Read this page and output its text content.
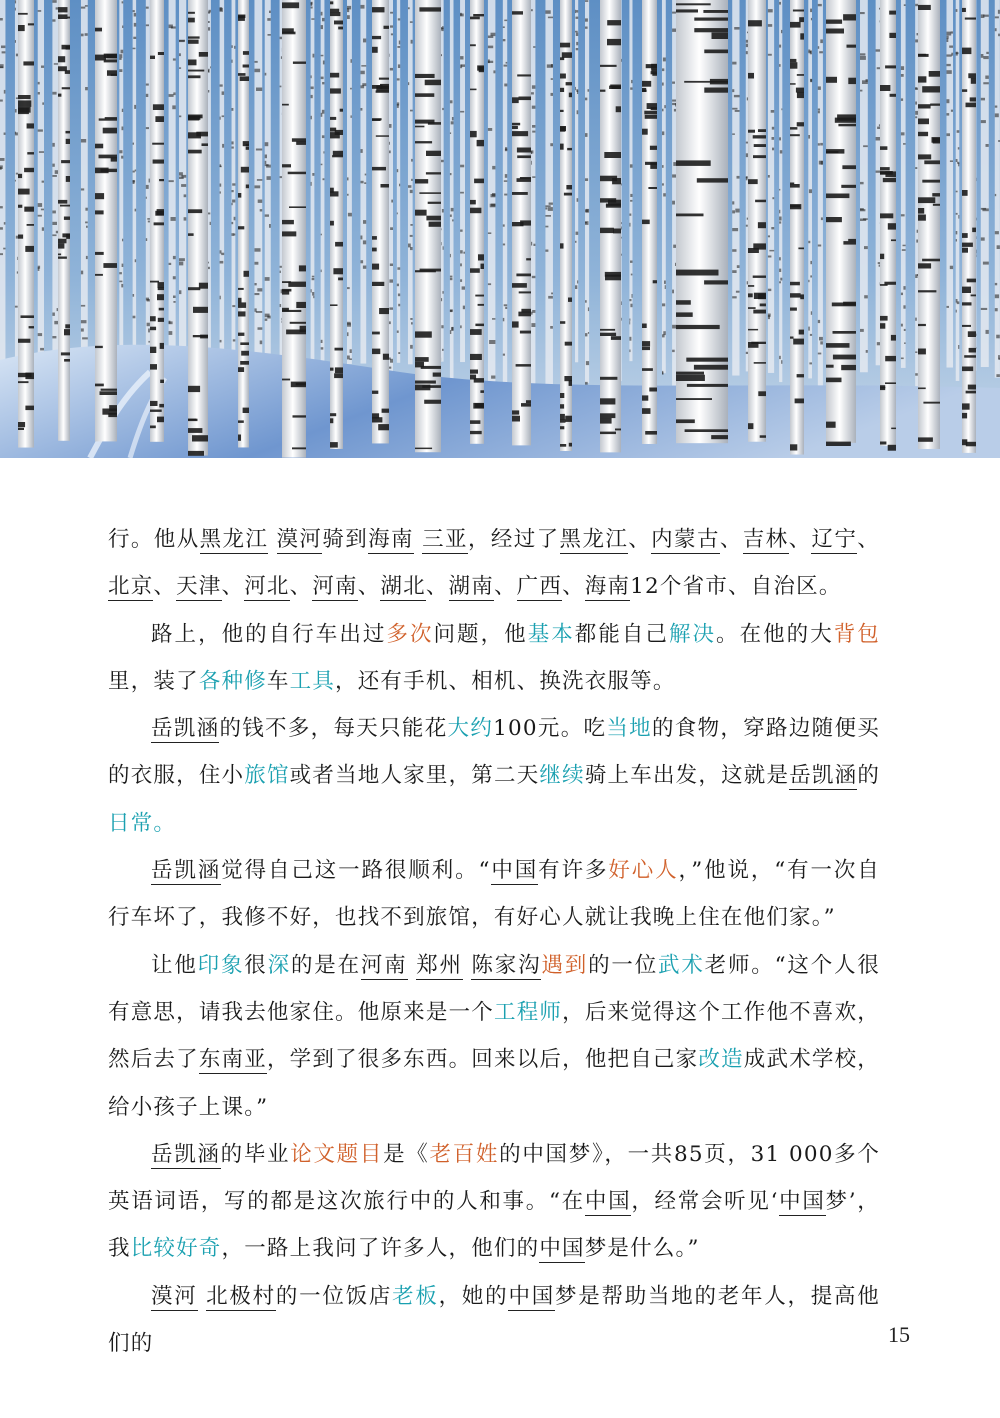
行。他从黑龙江 漠河骑到海南 三亚，经过了黑龙江、内蒙古、吉林、辽宁、北京、天津、河北、河南、湖北、湖南、广西、海南12个省市、自治区。

路上，他的自行车出过多次问题，他基本都能自己解决。在他的大背包里，装了各种修车工具，还有手机、相机、换洗衣服等。

岳凯涵的钱不多，每天只能花大约100元。吃当地的食物，穿路边随便买的衣服，住小旅馆或者当地人家里，第二天继续骑上车出发，这就是岳凯涵的日常。

岳凯涵觉得自己这一路很顺利。“中国有许多好心人，”他说，“有一次自行车坏了，我修不好，也找不到旅馆，有好心人就让我晚上住在他们家。”

让他印象很深的是在河南 郑州 陈家沟遇到的一位武术老师。“这个人很有意思，请我去他家住。他原来是一个工程师，后来觉得这个工作他不喜欢，然后去了东南亚，学到了很多东西。回来以后，他把自己家改造成武术学校，给小孩子上课。”

岳凯涵的毕业论文题目是《老百姓的中国梦》，一共85页，31 000多个英语词语，写的都是这次旅行中的人和事。“在中国，经常会听见‘中国梦’，我比较好奇，一路上我问了许多人，他们的中国梦是什么。”

漠河 北极村的一位饭店老板，她的中国梦是帮助当地的老年人，提高他们的	15
